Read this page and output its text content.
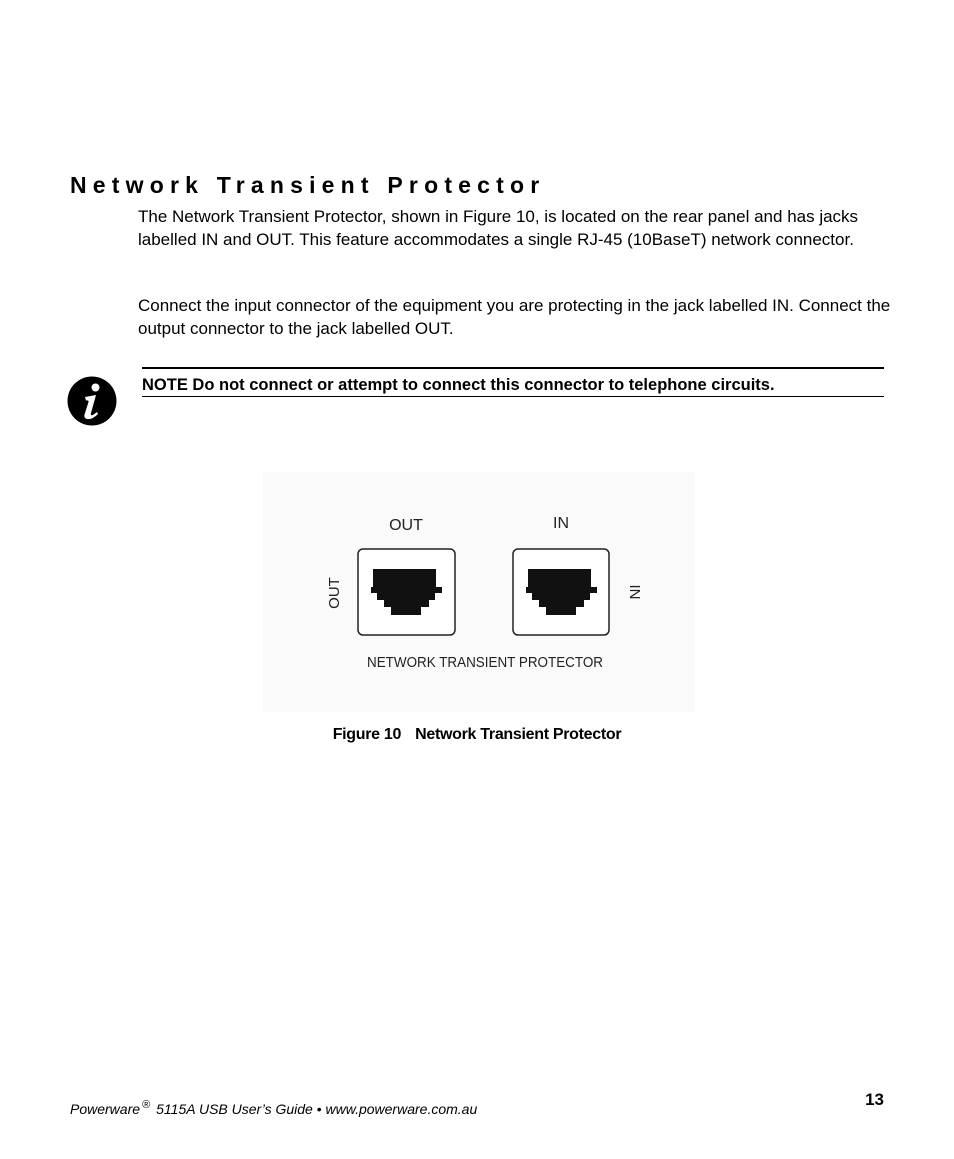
Network Transient Protector

The Network Transient Protector, shown in Figure 10, is located on the rear panel and has jacks labelled IN and OUT. This feature accommodates a single RJ-45 (10BaseT) network connector.

Connect the input connector of the equipment you are protecting in the jack labelled IN. Connect the output connector to the jack labelled OUT.

NOTE Do not connect or attempt to connect this connector to telephone circuits.
OUT	IN
OUT	IN
NETWORK TRANSIENT PROTECTOR
Figure 10 Network Transient Protector
Powerware ® 5115A USB User’s Guide • www.powerware.com.au	13
